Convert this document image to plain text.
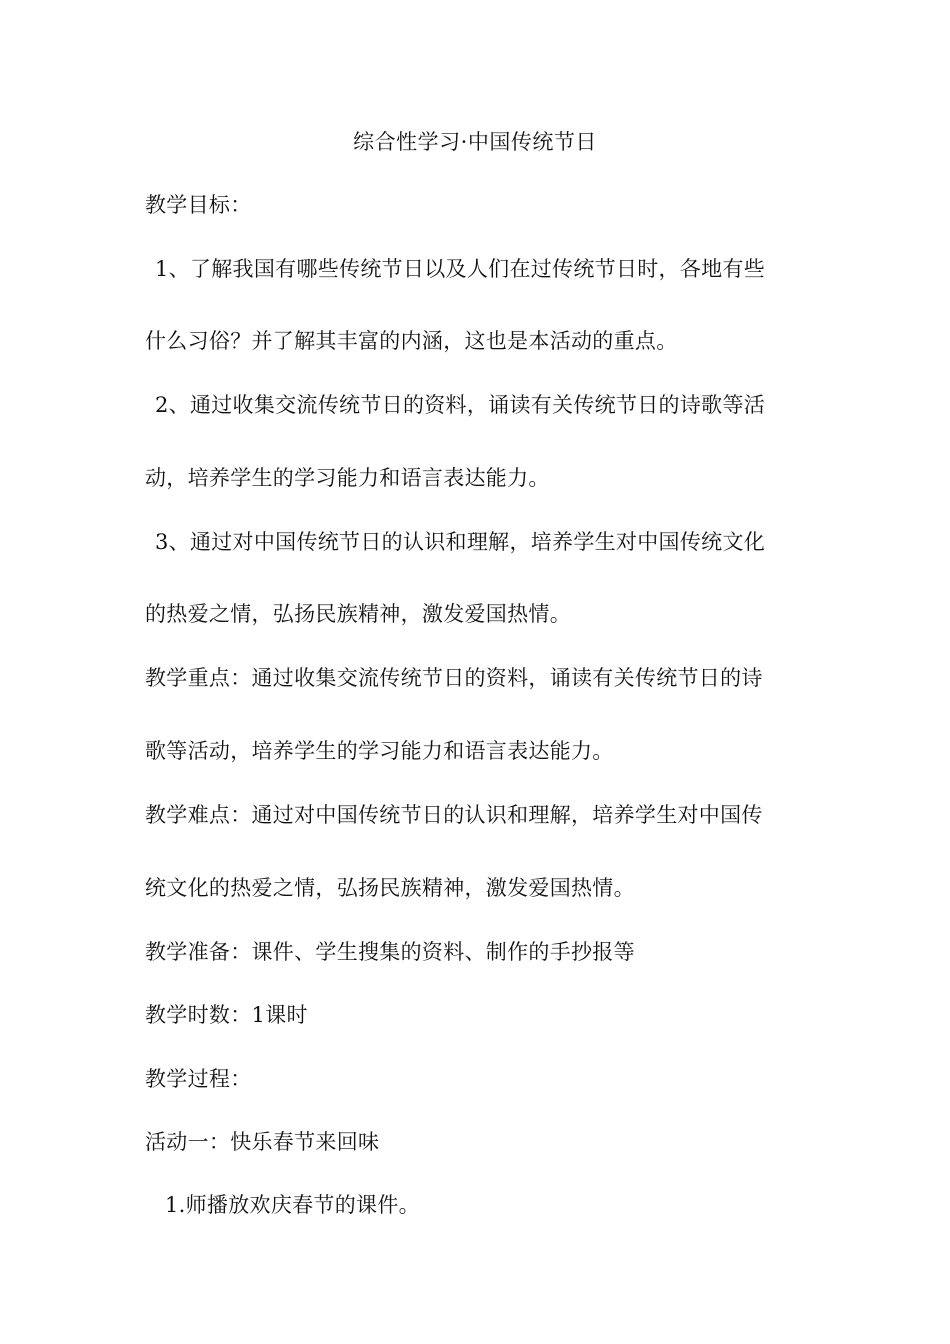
综合性学习·中国传统节日
教学目标：
1、了解我国有哪些传统节日以及人们在过传统节日时，各地有些
什么习俗？并了解其丰富的内涵，这也是本活动的重点。
2、通过收集交流传统节日的资料，诵读有关传统节日的诗歌等活
动，培养学生的学习能力和语言表达能力。
3、通过对中国传统节日的认识和理解，培养学生对中国传统文化
的热爱之情，弘扬民族精神，激发爱国热情。
教学重点：通过收集交流传统节日的资料，诵读有关传统节日的诗
歌等活动，培养学生的学习能力和语言表达能力。
教学难点：通过对中国传统节日的认识和理解，培养学生对中国传
统文化的热爱之情，弘扬民族精神，激发爱国热情。
教学准备：课件、学生搜集的资料、制作的手抄报等
教学时数：1课时
教学过程：
活动一：快乐春节来回味
1.师播放欢庆春节的课件。
